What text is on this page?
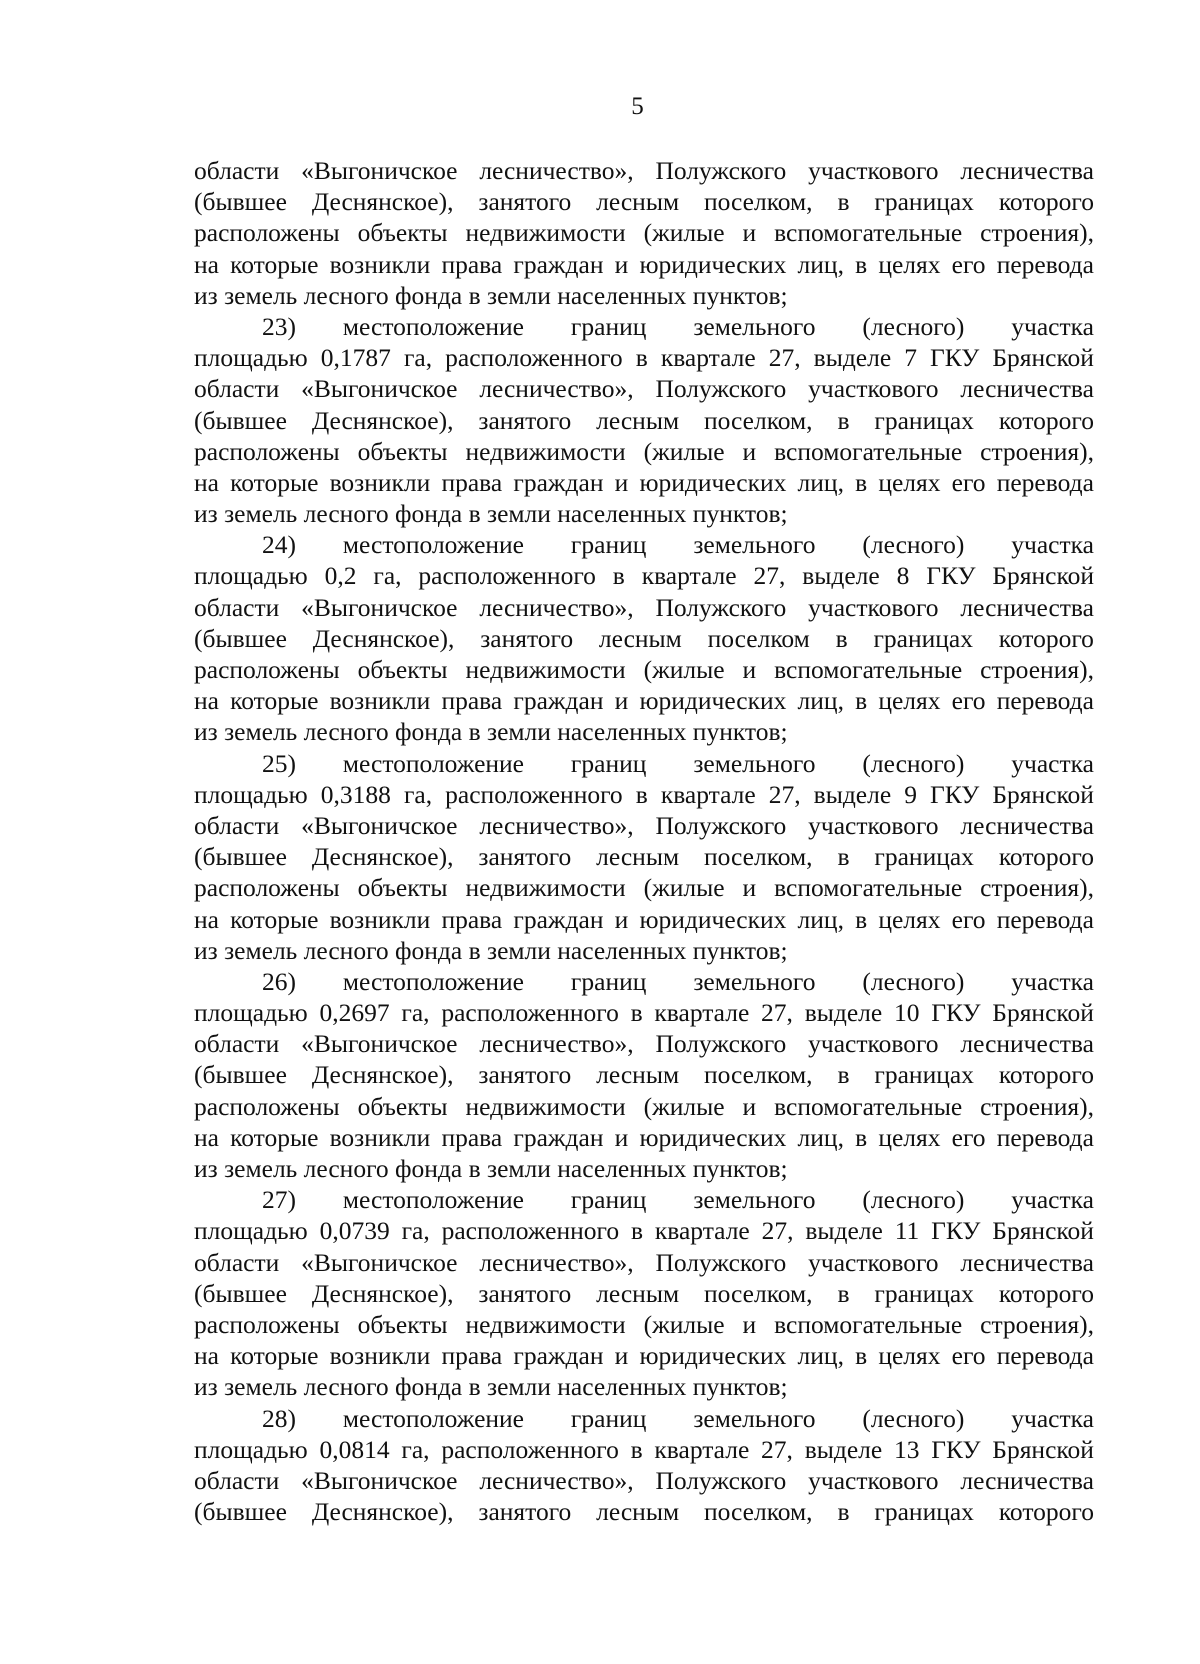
5
области «Выгоничское лесничество», Полужского участкового лесничества
(бывшее Деснянское), занятого лесным поселком, в границах которого
расположены объекты недвижимости (жилые и вспомогательные строения),
на которые возникли права граждан и юридических лиц, в целях его перевода
из земель лесного фонда в земли населенных пунктов;
23) местоположение границ земельного (лесного) участка
площадью 0,1787 га, расположенного в квартале 27, выделе 7 ГКУ Брянской
области «Выгоничское лесничество», Полужского участкового лесничества
(бывшее Деснянское), занятого лесным поселком, в границах которого
расположены объекты недвижимости (жилые и вспомогательные строения),
на которые возникли права граждан и юридических лиц, в целях его перевода
из земель лесного фонда в земли населенных пунктов;
24) местоположение границ земельного (лесного) участка
площадью 0,2 га, расположенного в квартале 27, выделе 8 ГКУ Брянской
области «Выгоничское лесничество», Полужского участкового лесничества
(бывшее Деснянское), занятого лесным поселком в границах которого
расположены объекты недвижимости (жилые и вспомогательные строения),
на которые возникли права граждан и юридических лиц, в целях его перевода
из земель лесного фонда в земли населенных пунктов;
25) местоположение границ земельного (лесного) участка
площадью 0,3188 га, расположенного в квартале 27, выделе 9 ГКУ Брянской
области «Выгоничское лесничество», Полужского участкового лесничества
(бывшее Деснянское), занятого лесным поселком, в границах которого
расположены объекты недвижимости (жилые и вспомогательные строения),
на которые возникли права граждан и юридических лиц, в целях его перевода
из земель лесного фонда в земли населенных пунктов;
26) местоположение границ земельного (лесного) участка
площадью 0,2697 га, расположенного в квартале 27, выделе 10 ГКУ Брянской
области «Выгоничское лесничество», Полужского участкового лесничества
(бывшее Деснянское), занятого лесным поселком, в границах которого
расположены объекты недвижимости (жилые и вспомогательные строения),
на которые возникли права граждан и юридических лиц, в целях его перевода
из земель лесного фонда в земли населенных пунктов;
27) местоположение границ земельного (лесного) участка
площадью 0,0739 га, расположенного в квартале 27, выделе 11 ГКУ Брянской
области «Выгоничское лесничество», Полужского участкового лесничества
(бывшее Деснянское), занятого лесным поселком, в границах которого
расположены объекты недвижимости (жилые и вспомогательные строения),
на которые возникли права граждан и юридических лиц, в целях его перевода
из земель лесного фонда в земли населенных пунктов;
28) местоположение границ земельного (лесного) участка
площадью 0,0814 га, расположенного в квартале 27, выделе 13 ГКУ Брянской
области «Выгоничское лесничество», Полужского участкового лесничества
(бывшее Деснянское), занятого лесным поселком, в границах которого
